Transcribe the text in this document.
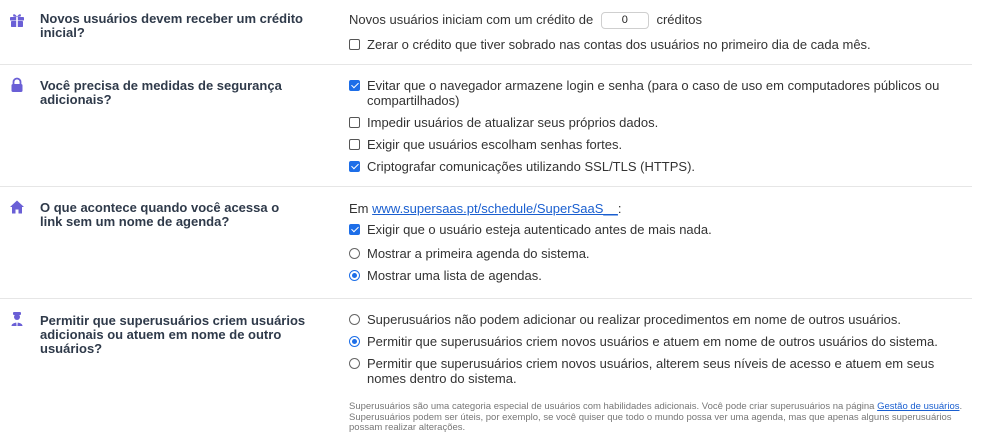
Novos usuários devem receber um crédito inicial?
Novos usuários iniciam com um crédito de 0	créditos
Zerar o crédito que tiver sobrado nas contas dos usuários no primeiro dia de cada mês.
Você precisa de medidas de segurança adicionais?
Evitar que o navegador armazene login e senha (para o caso de uso em computadores públicos ou compartilhados)
Impedir usuários de atualizar seus próprios dados.
Exigir que usuários escolham senhas fortes.
Criptografar comunicações utilizando SSL/TLS (HTTPS).
O que acontece quando você acessa o link sem um nome de agenda?
Em www.supersaas.pt/schedule/SuperSaaS__:
Exigir que o usuário esteja autenticado antes de mais nada.
Mostrar a primeira agenda do sistema.
Mostrar uma lista de agendas.
Permitir que superusuários criem usuários adicionais ou atuem em nome de outro usuários?
Superusuários não podem adicionar ou realizar procedimentos em nome de outros usuários.
Permitir que superusuários criem novos usuários e atuem em nome de outros usuários do sistema.
Permitir que superusuários criem novos usuários, alterem seus níveis de acesso e atuem em seus nomes dentro do sistema.
Superusuários são uma categoria especial de usuários com habilidades adicionais. Você pode criar superusuários na página Gestão de usuários. Superusuários podem ser úteis, por exemplo, se você quiser que todo o mundo possa ver uma agenda, mas que apenas alguns superusuários possam realizar alterações.
